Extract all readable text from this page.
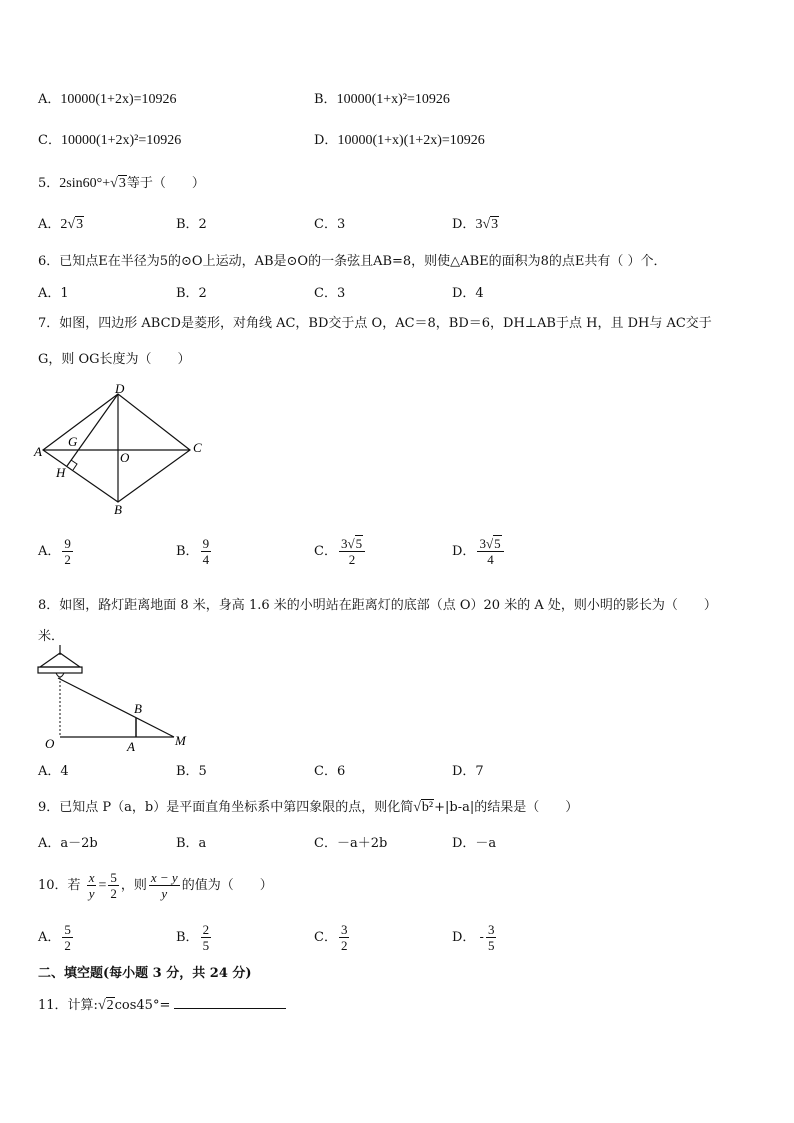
A．10000(1+2x)=10926	B．10000(1+x)²=10926
C．10000(1+2x)²=10926	D．10000(1+x)(1+2x)=10926
5．2sin60°+√3等于（　　）
A．2√3	B．2	C．3	D．3√3
6．已知点E在半径为5的⊙O上运动，AB是⊙O的一条弦且AB=8，则使△ABE的面积为8的点E共有（ ）个．
A．1	B．2	C．3	D．4
7．如图，四边形 ABCD是菱形，对角线 AC，BD交于点 O，AC＝8，BD＝6，DH⊥AB于点 H，且 DH与 AC交于
G，则 OG长度为（　　）
D
A
G
O
C
H
B
A． $\frac{9}{2}$	B． $\frac{9}{4}$	C． $\frac{3√5}{2}$	D． $\frac{3√5}{4}$
8．如图，路灯距离地面 8 米，身高 1.6 米的小明站在距离灯的底部（点 O）20 米的 A 处，则小明的影长为（　　）
米．
B
O	A	M
A．4	B．5	C．6	D．7
9．已知点 P（a，b）是平面直角坐标系中第四象限的点，则化简√b²+|b-a|的结果是（　　）
A．a－2b	B．a	C．－a＋2b	D．－a
10．若 $\frac{x}{y} = \frac{5}{2}$ ，则 $\frac{x - y}{y}$ 的值为（　　）
A． $\frac{5}{2}$	B． $\frac{2}{5}$	C． $\frac{3}{2}$	D． - $\frac{3}{5}$
二、填空题(每小题 3 分，共 24 分)
11．计算:√2cos45°=
